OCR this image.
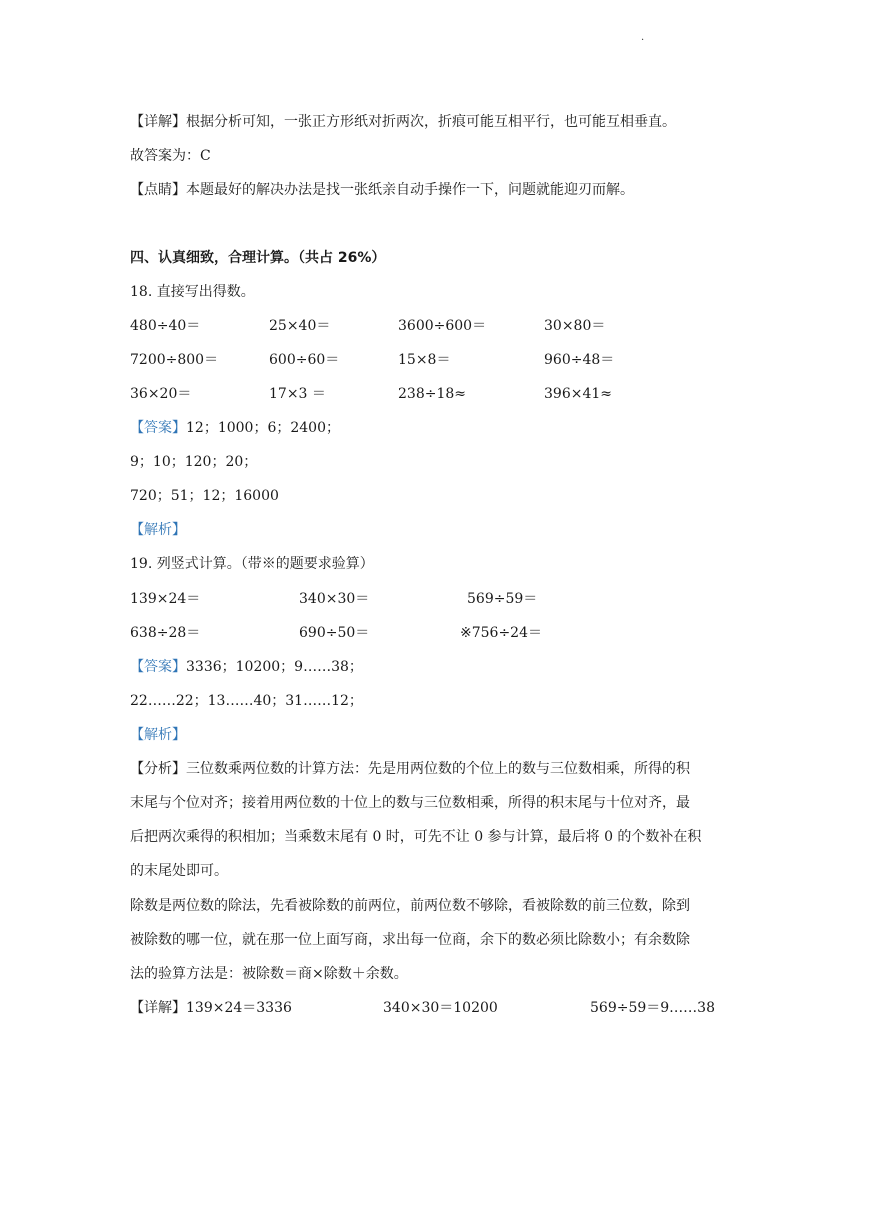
.
【详解】根据分析可知，一张正方形纸对折两次，折痕可能互相平行，也可能互相垂直。
故答案为：C
【点睛】本题最好的解决办法是找一张纸亲自动手操作一下，问题就能迎刃而解。
四、认真细致，合理计算。（共占 26%）
18. 直接写出得数。
480÷40＝	25×40＝	3600÷600＝	30×80＝
7200÷800＝	600÷60＝	15×8＝	960÷48＝
36×20＝	17×3 ＝	238÷18≈	396×41≈
【答案】12；1000；6；2400；
9；10；120；20；
720；51；12；16000
【解析】
19. 列竖式计算。（带※的题要求验算）
139×24＝	340×30＝	569÷59＝
638÷28＝	690÷50＝	※756÷24＝
【答案】3336；10200；9……38；
22……22；13……40；31……12；
【解析】
【分析】三位数乘两位数的计算方法：先是用两位数的个位上的数与三位数相乘，所得的积
末尾与个位对齐；接着用两位数的十位上的数与三位数相乘，所得的积末尾与十位对齐，最
后把两次乘得的积相加；当乘数末尾有 0 时，可先不让 0 参与计算，最后将 0 的个数补在积
的末尾处即可。
除数是两位数的除法，先看被除数的前两位，前两位数不够除，看被除数的前三位数，除到
被除数的哪一位，就在那一位上面写商，求出每一位商，余下的数必须比除数小；有余数除
法的验算方法是：被除数＝商×除数＋余数。
【详解】139×24＝3336	340×30＝10200	569÷59＝9……38
